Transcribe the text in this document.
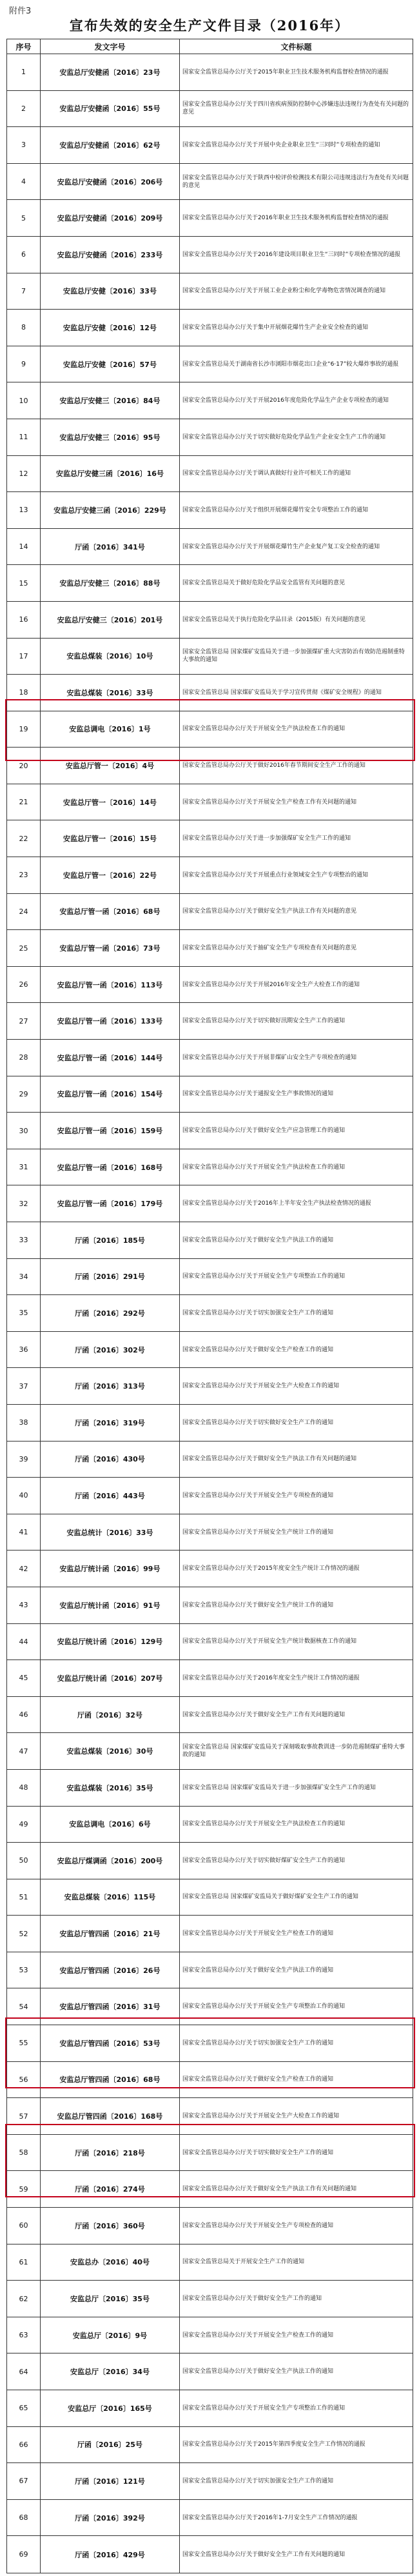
附件3
宣布失效的安全生产文件目录（2016年）
序号	发文字号	文件标题
1	安监总厅安健函〔2016〕23号	国家安全监管总局办公厅关于2015年职业卫生技术服务机构监督检查情况的通报
2	安监总厅安健函〔2016〕55号	国家安全监管总局办公厅关于四川省疾病预防控制中心涉嫌违法违规行为查处有关问题的意见
3	安监总厅安健函〔2016〕62号	国家安全监管总局办公厅关于开展中央企业职业卫生“三同时”专项检查的通知
4	安监总厅安健函〔2016〕206号	国家安全监管总局办公厅关于陕西中检评价检测技术有限公司违规违法行为查处有关问题的意见
5	安监总厅安健函〔2016〕209号	国家安全监管总局办公厅关于2016年职业卫生技术服务机构监督检查情况的通报
6	安监总厅安健函〔2016〕233号	国家安全监管总局办公厅关于2016年建设项目职业卫生“三同时”专项检查情况的通报
7	安监总厅安健〔2016〕33号	国家安全监管总局办公厅关于开展工业企业粉尘和化学毒物危害情况调查的通知
8	安监总厅安健〔2016〕12号	国家安全监管总局办公厅关于集中开展烟花爆竹生产企业安全检查的通知
9	安监总厅安健〔2016〕57号	国家安全监管总局关于湖南省长沙市浏阳市烟花出口企业“6·17”较大爆炸事故的通报
10	安监总厅安健三〔2016〕84号	国家安全监管总局办公厅关于开展2016年度危险化学品生产企业专项检查的通知
11	安监总厅安健三〔2016〕95号	国家安全监管总局办公厅关于切实做好危险化学品生产企业安全生产工作的通知
12	安监总厅安健三函〔2016〕16号	国家安全监管总局办公厅关于调认真做好行业许可相关工作的通知
13	安监总厅安健三函〔2016〕229号	国家安全监管总局办公厅关于组织开展烟花爆竹安全专项整治工作的通知
14	厅函〔2016〕341号	国家安全监管总局办公厅关于开展烟花爆竹生产企业复产复工安全检查的通知
15	安监总厅安健三〔2016〕88号	国家安全监管总局关于做好危险化学品安全监管有关问题的意见
16	安监总厅安健三〔2016〕201号	国家安全监管总局关于执行危险化学品目录（2015版）有关问题的意见
17	安监总煤装〔2016〕10号	国家安全监管总局 国家煤矿安监局关于进一步加强煤矿重大灾害防治有效防范遏制重特大事故的通知
18	安监总煤装〔2016〕33号	国家安全监管总局 国家煤矿安监局关于学习宣传贯彻《煤矿安全规程》的通知
19	安监总调电〔2016〕1号	国家安全监管总局办公厅关于开展安全生产执法检查工作的通知
20	安监总厅管一〔2016〕4号	国家安全监管总局办公厅关于做好2016年春节期间安全生产工作的通知
21	安监总厅管一〔2016〕14号	国家安全监管总局办公厅关于开展安全生产检查工作有关问题的通知
22	安监总厅管一〔2016〕15号	国家安全监管总局办公厅关于进一步加强煤矿安全生产工作的通知
23	安监总厅管一〔2016〕22号	国家安全监管总局办公厅关于开展重点行业领域安全生产专项整治的通知
24	安监总厅管一函〔2016〕68号	国家安全监管总局办公厅关于做好安全生产执法工作有关问题的意见
25	安监总厅管一函〔2016〕73号	国家安全监管总局办公厅关于抽矿安全生产专项检查有关问题的意见
26	安监总厅管一函〔2016〕113号	国家安全监管总局办公厅关于开展2016年安全生产大检查工作的通知
27	安监总厅管一函〔2016〕133号	国家安全监管总局办公厅关于切实做好汛期安全生产工作的通知
28	安监总厅管一函〔2016〕144号	国家安全监管总局办公厅关于开展非煤矿山安全生产专项检查的通知
29	安监总厅管一函〔2016〕154号	国家安全监管总局办公厅关于通报安全生产事故情况的通知
30	安监总厅管一函〔2016〕159号	国家安全监管总局办公厅关于做好安全生产应急管理工作的通知
31	安监总厅管一函〔2016〕168号	国家安全监管总局办公厅关于开展安全生产执法检查工作的通知
32	安监总厅管一函〔2016〕179号	国家安全监管总局办公厅关于2016年上半年安全生产执法检查情况的通报
33	厅函〔2016〕185号	国家安全监管总局办公厅关于做好安全生产执法工作的通知
34	厅函〔2016〕291号	国家安全监管总局办公厅关于开展安全生产专项整治工作的通知
35	厅函〔2016〕292号	国家安全监管总局办公厅关于切实加强安全生产工作的通知
36	厅函〔2016〕302号	国家安全监管总局办公厅关于做好安全生产检查工作的通知
37	厅函〔2016〕313号	国家安全监管总局办公厅关于开展安全生产大检查工作的通知
38	厅函〔2016〕319号	国家安全监管总局办公厅关于切实做好安全生产工作的通知
39	厅函〔2016〕430号	国家安全监管总局办公厅关于做好安全生产执法工作有关问题的通知
40	厅函〔2016〕443号	国家安全监管总局办公厅关于开展安全生产专项检查的通知
41	安监总统计〔2016〕33号	国家安全监管总局办公厅关于开展安全生产统计工作的通知
42	安监总厅统计函〔2016〕99号	国家安全监管总局办公厅关于2015年度安全生产统计工作情况的通报
43	安监总厅统计函〔2016〕91号	国家安全监管总局办公厅关于做好安全生产统计工作的通知
44	安监总厅统计函〔2016〕129号	国家安全监管总局办公厅关于开展安全生产统计数据核查工作的通知
45	安监总厅统计函〔2016〕207号	国家安全监管总局办公厅关于2016年度安全生产统计工作情况的通报
46	厅函〔2016〕32号	国家安全监管总局办公厅关于做好安全生产工作有关问题的通知
47	安监总煤装〔2016〕30号	国家安全监管总局 国家煤矿安监局关于深刻吸取事故教训进一步防范遏制煤矿重特大事故的通知
48	安监总煤装〔2016〕35号	国家安全监管总局 国家煤矿安监局关于进一步加强煤矿安全生产工作的通知
49	安监总调电〔2016〕6号	国家安全监管总局办公厅关于开展安全生产执法检查工作的通知
50	安监总厅煤调函〔2016〕200号	国家安全监管总局办公厅关于切实做好煤矿安全生产工作的通知
51	安监总煤装〔2016〕115号	国家安全监管总局 国家煤矿安监局关于做好煤矿安全生产工作的通知
52	安监总厅管四函〔2016〕21号	国家安全监管总局办公厅关于开展安全生产检查工作的通知
53	安监总厅管四函〔2016〕26号	国家安全监管总局办公厅关于做好安全生产执法工作的通知
54	安监总厅管四函〔2016〕31号	国家安全监管总局办公厅关于开展安全生产专项整治工作的通知
55	安监总厅管四函〔2016〕53号	国家安全监管总局办公厅关于切实加强安全生产工作的通知
56	安监总厅管四函〔2016〕68号	国家安全监管总局办公厅关于做好安全生产检查工作的通知
57	安监总厅管四函〔2016〕168号	国家安全监管总局办公厅关于开展安全生产大检查工作的通知
58	厅函〔2016〕218号	国家安全监管总局办公厅关于切实做好安全生产工作的通知
59	厅函〔2016〕274号	国家安全监管总局办公厅关于做好安全生产执法工作有关问题的通知
60	厅函〔2016〕360号	国家安全监管总局办公厅关于开展安全生产专项检查的通知
61	安监总办〔2016〕40号	国家安全监管总局关于开展安全生产工作的通知
62	安监总厅〔2016〕35号	国家安全监管总局办公厅关于做好安全生产工作的通知
63	安监总厅〔2016〕9号	国家安全监管总局办公厅关于开展安全生产检查工作的通知
64	安监总厅〔2016〕34号	国家安全监管总局办公厅关于做好安全生产执法工作的通知
65	安监总厅〔2016〕165号	国家安全监管总局办公厅关于开展安全生产专项整治工作的通知
66	厅函〔2016〕25号	国家安全监管总局办公厅关于2015年第四季度安全生产工作情况的通报
67	厅函〔2016〕121号	国家安全监管总局办公厅关于切实加强安全生产工作的通知
68	厅函〔2016〕392号	国家安全监管总局办公厅关于2016年1-7月安全生产工作情况的通报
69	厅函〔2016〕429号	国家安全监管总局办公厅关于做好安全生产工作有关问题的通知
